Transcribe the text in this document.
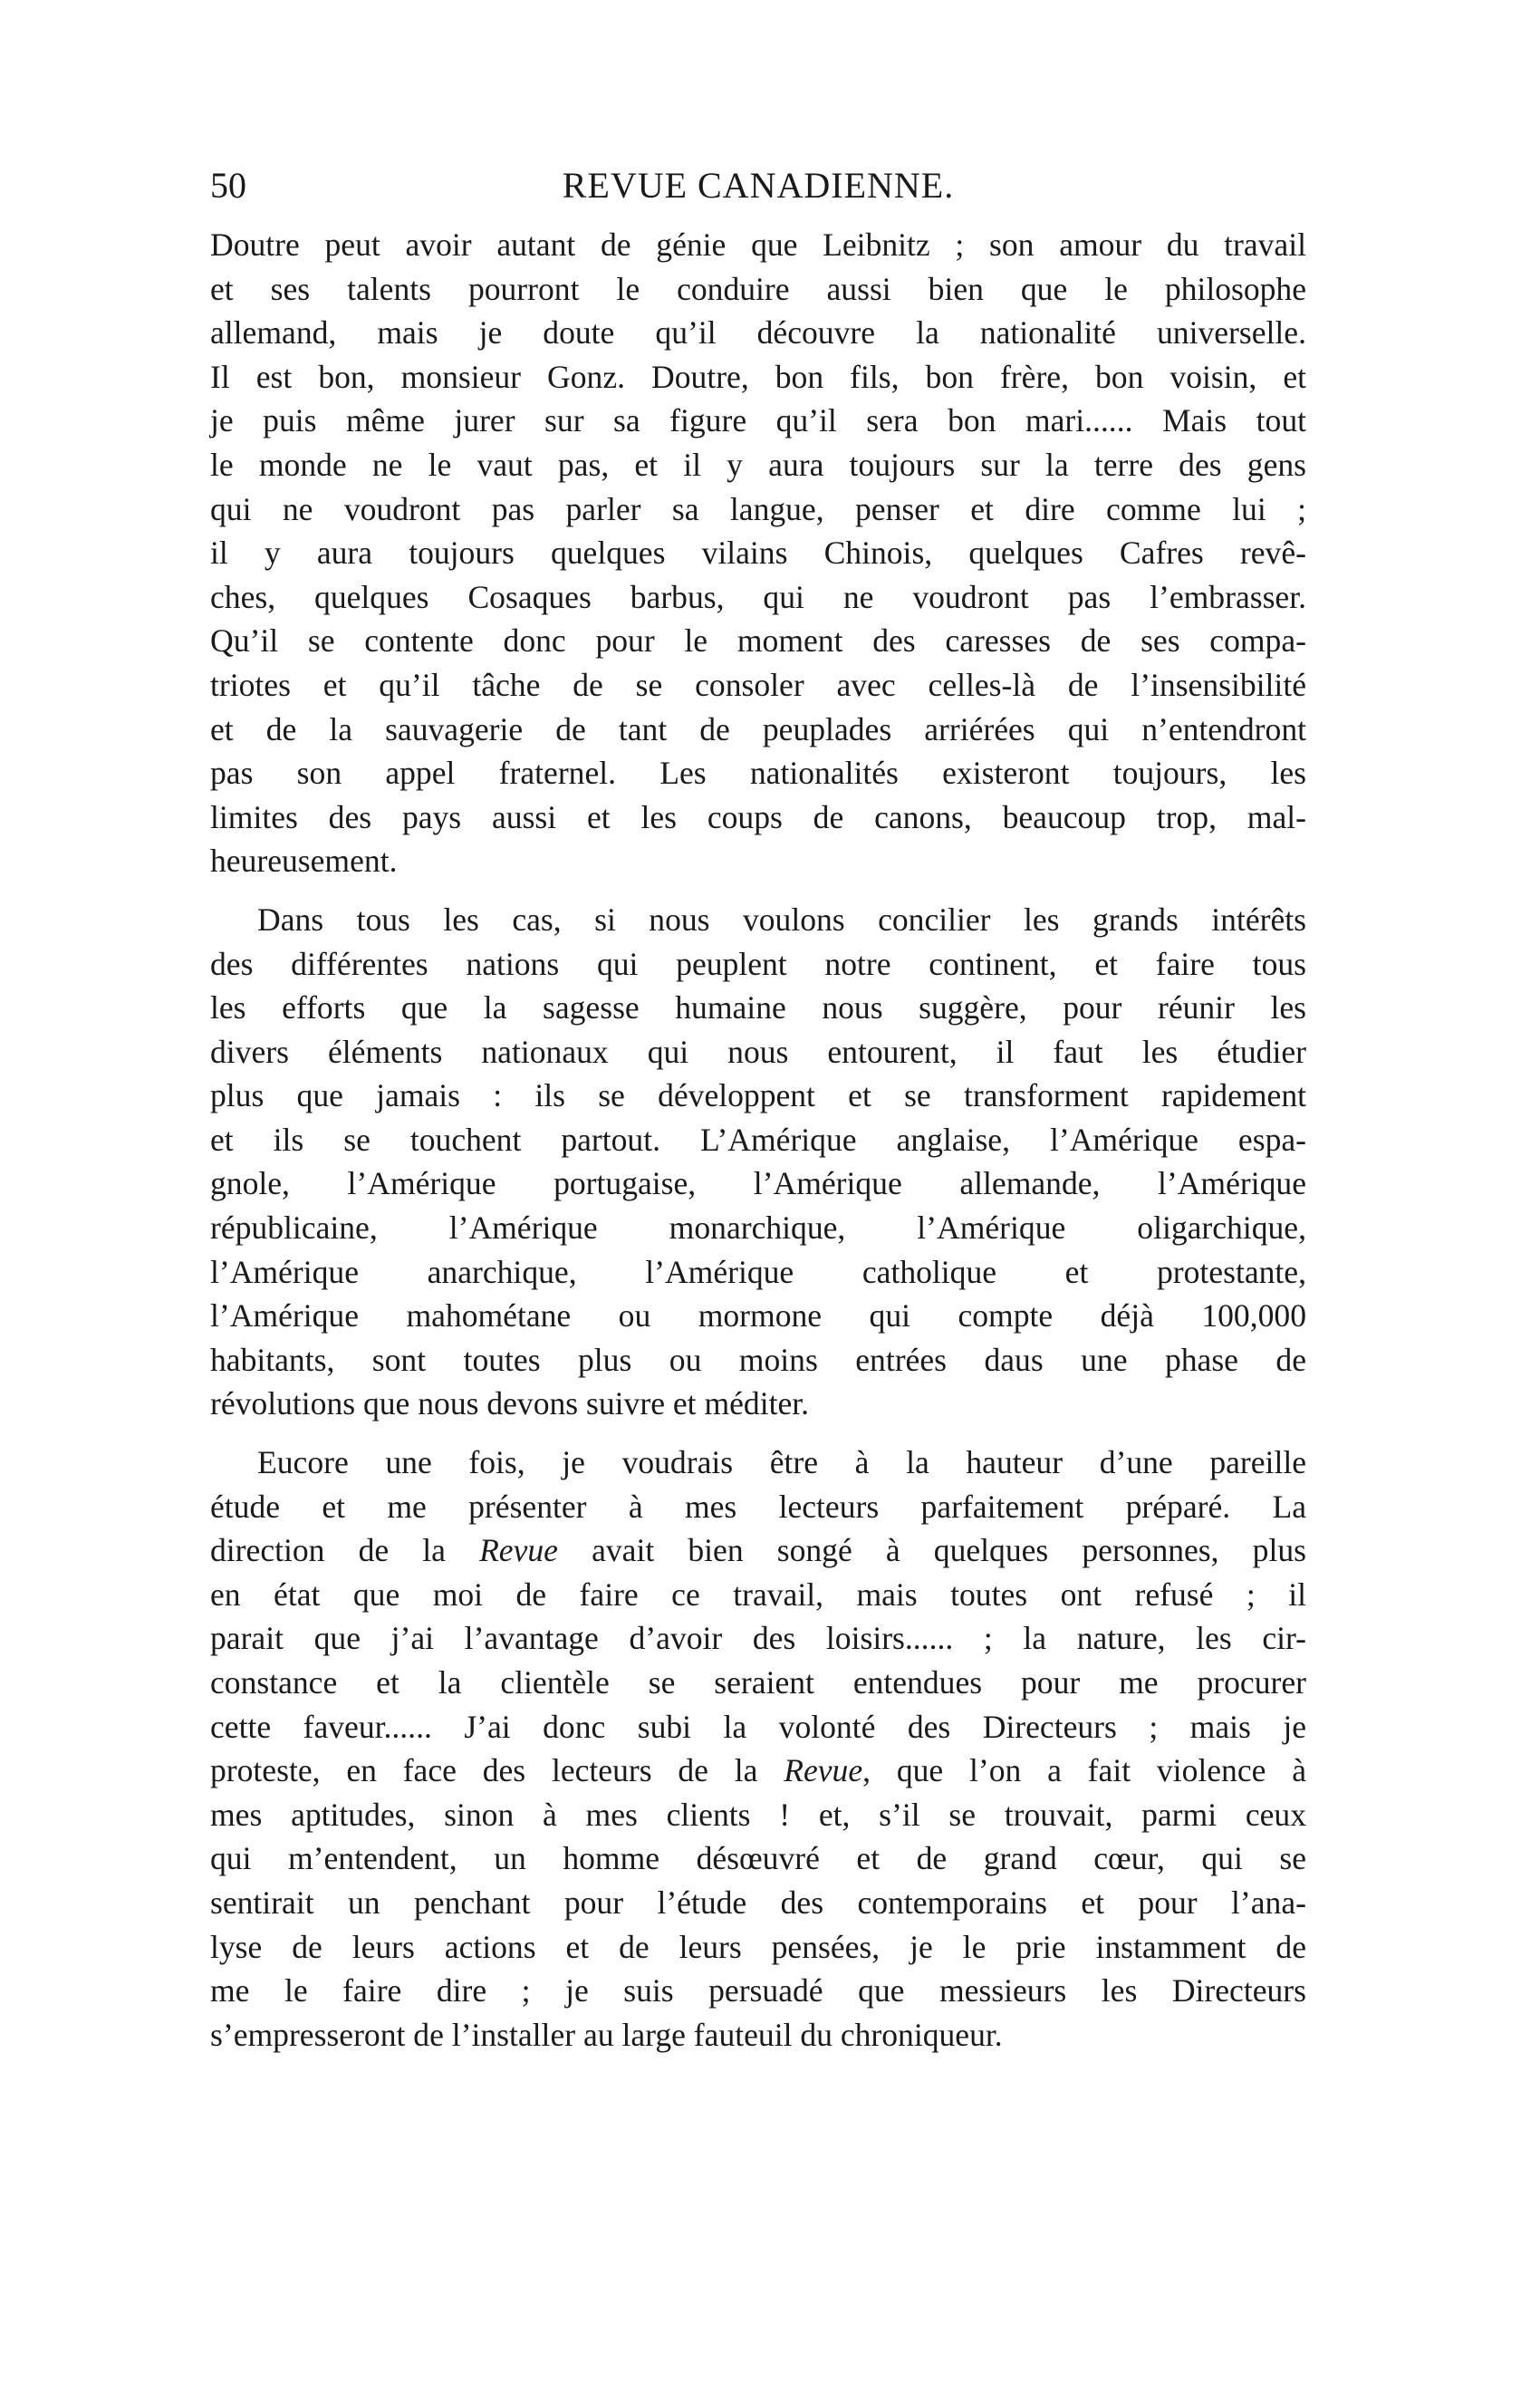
50	REVUE CANADIENNE.
Doutre peut avoir autant de génie que Leibnitz ; son amour du travail
et ses talents pourront le conduire aussi bien que le philosophe
allemand, mais je doute qu’il découvre la nationalité universelle.
Il est bon, monsieur Gonz. Doutre, bon fils, bon frère, bon voisin, et
je puis même jurer sur sa figure qu’il sera bon mari...... Mais tout
le monde ne le vaut pas, et il y aura toujours sur la terre des gens
qui ne voudront pas parler sa langue, penser et dire comme lui ;
il y aura toujours quelques vilains Chinois, quelques Cafres revê-
ches, quelques Cosaques barbus, qui ne voudront pas l’embrasser.
Qu’il se contente donc pour le moment des caresses de ses compa-
triotes et qu’il tâche de se consoler avec celles-là de l’insensibilité
et de la sauvagerie de tant de peuplades arriérées qui n’entendront
pas son appel fraternel. Les nationalités existeront toujours, les
limites des pays aussi et les coups de canons, beaucoup trop, mal-
heureusement.
Dans tous les cas, si nous voulons concilier les grands intérêts
des différentes nations qui peuplent notre continent, et faire tous
les efforts que la sagesse humaine nous suggère, pour réunir les
divers éléments nationaux qui nous entourent, il faut les étudier
plus que jamais : ils se développent et se transforment rapidement
et ils se touchent partout. L’Amérique anglaise, l’Amérique espa-
gnole, l’Amérique portugaise, l’Amérique allemande, l’Amérique
républicaine, l’Amérique monarchique, l’Amérique oligarchique,
l’Amérique anarchique, l’Amérique catholique et protestante,
l’Amérique mahométane ou mormone qui compte déjà 100,000
habitants, sont toutes plus ou moins entrées daus une phase de
révolutions que nous devons suivre et méditer.
Eucore une fois, je voudrais être à la hauteur d’une pareille
étude et me présenter à mes lecteurs parfaitement préparé. La
direction de la Revue avait bien songé à quelques personnes, plus
en état que moi de faire ce travail, mais toutes ont refusé ; il
parait que j’ai l’avantage d’avoir des loisirs...... ; la nature, les cir-
constance et la clientèle se seraient entendues pour me procurer
cette faveur...... J’ai donc subi la volonté des Directeurs ; mais je
proteste, en face des lecteurs de la Revue, que l’on a fait violence à
mes aptitudes, sinon à mes clients ! et, s’il se trouvait, parmi ceux
qui m’entendent, un homme désœuvré et de grand cœur, qui se
sentirait un penchant pour l’étude des contemporains et pour l’ana-
lyse de leurs actions et de leurs pensées, je le prie instamment de
me le faire dire ; je suis persuadé que messieurs les Directeurs
s’empresseront de l’installer au large fauteuil du chroniqueur.
